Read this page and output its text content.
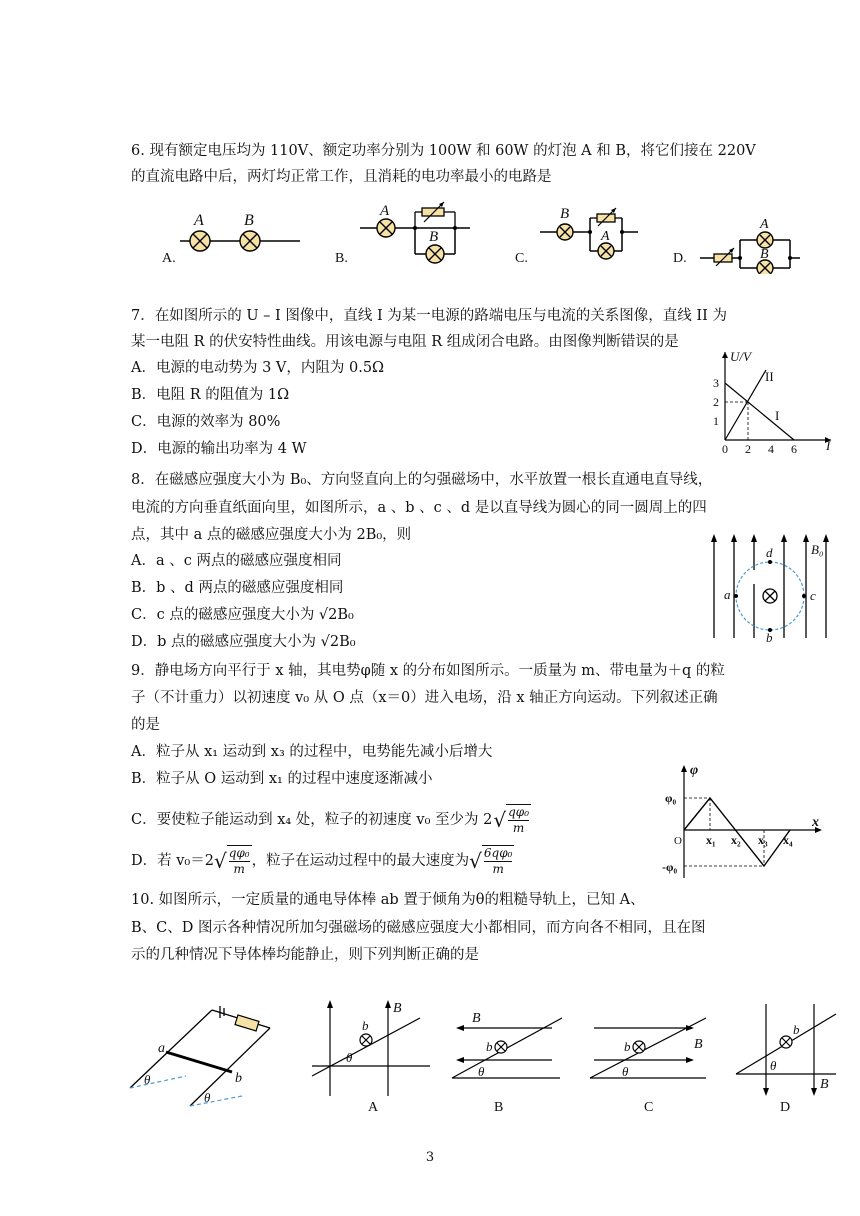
6. 现有额定电压均为 110V、额定功率分别为 100W 和 60W 的灯泡 A 和 B，将它们接在 220V
的直流电路中后，两灯均正常工作，且消耗的电功率最小的电路是
A	B
A.
A
B
B.
B
A
C.
A
B
D.
7．在如图所示的 U – I 图像中，直线 I 为某一电源的路端电压与电流的关系图像，直线 II 为
某一电阻 R 的伏安特性曲线。用该电源与电阻 R 组成闭合电路。由图像判断错误的是
A．电源的电动势为 3 V，内阻为 0.5Ω
B．电阻 R 的阻值为 1Ω
C．电源的效率为 80%
D．电源的输出功率为 4 W
U/V
I
II
I
1
2
3
0 2 4 6
8．在磁感应强度大小为 B₀、方向竖直向上的匀强磁场中，水平放置一根长直通电直导线，
电流的方向垂直纸面向里，如图所示，a 、b 、c 、d 是以直导线为圆心的同一圆周上的四
点，其中 a 点的磁感应强度大小为 2B₀，则
A．a 、c 两点的磁感应强度相同
B．b 、d 两点的磁感应强度相同
C．c 点的磁感应强度大小为 √2B₀
D．b 点的磁感应强度大小为 √2B₀
a	c
d
b
B₀
9．静电场方向平行于 x 轴，其电势φ随 x 的分布如图所示。一质量为 m、带电量为＋q 的粒
子（不计重力）以初速度 v₀ 从 O 点（x＝0）进入电场，沿 x 轴正方向运动。下列叙述正确
的是
A．粒子从 x₁ 运动到 x₃ 的过程中，电势能先减小后增大
B．粒子从 O 运动到 x₁ 的过程中速度逐渐减小
C．要使粒子能运动到 x₄ 处，粒子的初速度 v₀ 至少为 2 √ qφ₀
m
D．若 v₀＝2 √ qφ₀
m ，粒子在运动过程中的最大速度为 √ 6qφ₀
m
φ
x
φ₀
-φ₀
O x₁ x₂ x₃ x₄
10. 如图所示，一定质量的通电导体棒 ab 置于倾角为θ的粗糙导轨上，已知 A、
B、C、D 图示各种情况所加匀强磁场的磁感应强度大小都相同，而方向各不相同，且在图
示的几种情况下导体棒均能静止，则下列判断正确的是
a
b
θ
θ
b
B
θ
A
b
B
θ
B
b	B
θ
C
b
B
θ
D
3
